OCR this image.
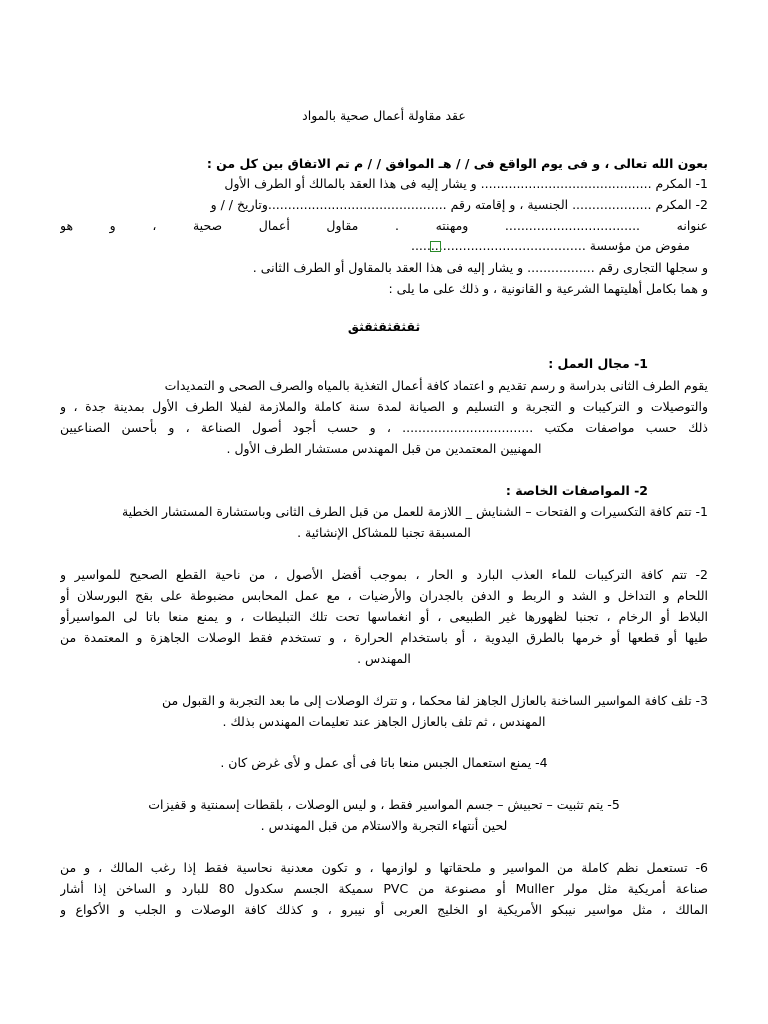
عقد مقاولة أعمال صحية بالمواد
بعون الله تعالى ، و فى يوم الواقع فى / / هـ الموافق / / م تم الاتفاق بين كل من :
1- المكرم ........................................... و يشار إليه فى هذا العقد بالمالك أو الطرف الأول
2- المكرم .................... الجنسية ، و إقامته رقم .............................................وتاريخ / / و
عنوانه .................................. ومهنته . مقاول أعمال صحية ، و هو
مفوض من مؤسسة ............................................
و سجلها التجارى رقم ................. و يشار إليه فى هذا العقد بالمقاول أو الطرف الثانى .
و هما بكامل أهليتهما الشرعية و القانونية ، و ذلك على ما يلى :
ثقثقثقثقثق
1- مجال العمل :
يقوم الطرف الثانى بدراسة و رسم تقديم و اعتماد كافة أعمال التغذية بالمياه والصرف الصحى و التمديدات
والتوصيلات و التركيبات و التجربة و التسليم و الصيانة لمدة سنة كاملة والملازمة لفيلا الطرف الأول بمدينة جدة ، و
ذلك حسب مواصفات مكتب ................................. ، و حسب أجود أصول الصناعة ، و بأحسن الصناعيين
المهنيين المعتمدين من قبل المهندس مستشار الطرف الأول .
2- المواصفات الخاصة :
1- تتم كافة التكسيرات و الفتحات – الشنايش _ اللازمة للعمل من قبل الطرف الثانى وباستشارة المستشار الخطية
المسبقة تجنبا للمشاكل الإنشائية .
2- تتم كافة التركيبات للماء العذب البارد و الحار ، بموجب أفضل الأصول ، من ناحية القطع الصحيح للمواسير و
اللحام و التداخل و الشد و الربط و الدفن بالجدران والأرضيات ، مع عمل المحابس مضبوطة على بقج البورسلان أو
البلاط أو الرخام ، تجنبا لظهورها غير الطبيعى ، أو انغماسها تحت تلك التبليطات ، و يمنع منعا باتا لى المواسيرأو
طيها أو قطعها أو خرمها بالطرق اليدوية ، أو باستخدام الحرارة ، و تستخدم فقط الوصلات الجاهزة و المعتمدة من
المهندس .
3- تلف كافة المواسير الساخنة بالعازل الجاهز لفا محكما ، و تترك الوصلات إلى ما بعد التجربة و القبول من
المهندس ، ثم تلف بالعازل الجاهز عند تعليمات المهندس بذلك .
4- يمنع استعمال الجبس منعا باتا فى أى عمل و لأى غرض كان .
5- يتم تثبيت – تحبيش – جسم المواسير فقط ، و ليس الوصلات ، بلقطات إسمنتية و قفيزات
لحين أنتهاء التجربة والاستلام من قبل المهندس .
6- تستعمل نظم كاملة من المواسير و ملحقاتها و لوازمها ، و تكون معدنية نحاسية فقط إذا رغب المالك ، و من
صناعة أمريكية مثل مولر Muller أو مصنوعة من PVC سميكة الجسم سكدول 80 للبارد و الساخن إذا أشار
المالك ، مثل مواسير نيبكو الأمريكية او الخليج العربى أو نيبرو ، و كذلك كافة الوصلات و الجلب و الأكواع و
